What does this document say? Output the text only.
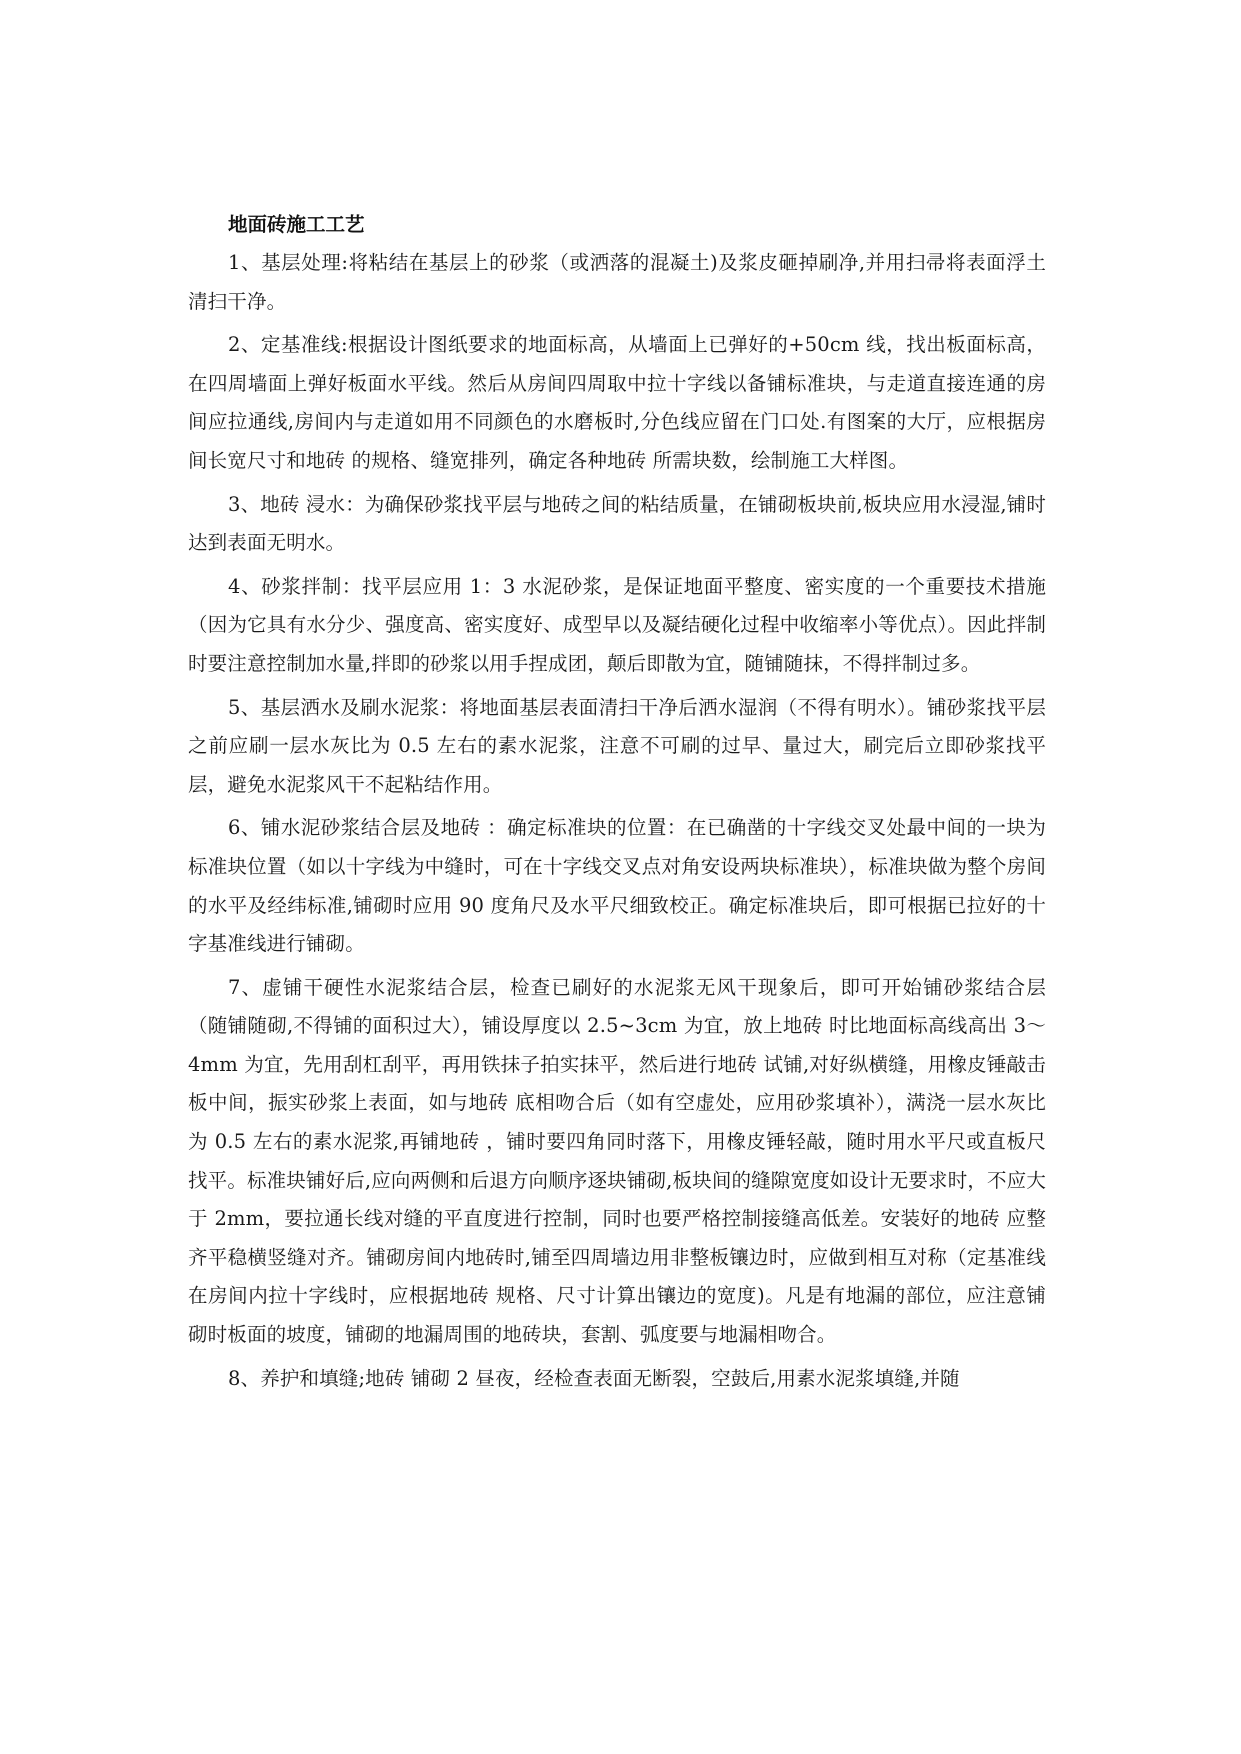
地面砖施工工艺

1、基层处理:将粘结在基层上的砂浆（或洒落的混凝土)及浆皮砸掉刷净,并用扫帚将表面浮土清扫干净。

2、定基准线:根据设计图纸要求的地面标高，从墙面上已弹好的+50cm 线，找出板面标高，在四周墙面上弹好板面水平线。然后从房间四周取中拉十字线以备铺标准块，与走道直接连通的房间应拉通线,房间内与走道如用不同颜色的水磨板时,分色线应留在门口处.有图案的大厅，应根据房间长宽尺寸和地砖 的规格、缝宽排列，确定各种地砖 所需块数，绘制施工大样图。

3、地砖 浸水：为确保砂浆找平层与地砖之间的粘结质量，在铺砌板块前,板块应用水浸湿,铺时达到表面无明水。

4、砂浆拌制：找平层应用 1：3 水泥砂浆，是保证地面平整度、密实度的一个重要技术措施（因为它具有水分少、强度高、密实度好、成型早以及凝结硬化过程中收缩率小等优点）。因此拌制时要注意控制加水量,拌即的砂浆以用手捏成团，颠后即散为宜，随铺随抹，不得拌制过多。

5、基层洒水及刷水泥浆：将地面基层表面清扫干净后洒水湿润（不得有明水）。铺砂浆找平层之前应刷一层水灰比为 0.5 左右的素水泥浆，注意不可刷的过早、量过大，刷完后立即砂浆找平层，避免水泥浆风干不起粘结作用。

6、铺水泥砂浆结合层及地砖 ：确定标准块的位置：在已确凿的十字线交叉处最中间的一块为标准块位置（如以十字线为中缝时，可在十字线交叉点对角安设两块标准块），标准块做为整个房间的水平及经纬标准,铺砌时应用 90 度角尺及水平尺细致校正。确定标准块后，即可根据已拉好的十字基准线进行铺砌。

7、虚铺干硬性水泥浆结合层，检查已刷好的水泥浆无风干现象后，即可开始铺砂浆结合层（随铺随砌,不得铺的面积过大），铺设厚度以 2.5~3cm 为宜，放上地砖 时比地面标高线高出 3～4mm 为宜，先用刮杠刮平，再用铁抹子拍实抹平，然后进行地砖 试铺,对好纵横缝，用橡皮锤敲击板中间，振实砂浆上表面，如与地砖 底相吻合后（如有空虚处，应用砂浆填补），满浇一层水灰比为 0.5 左右的素水泥浆,再铺地砖 ，铺时要四角同时落下，用橡皮锤轻敲，随时用水平尺或直板尺找平。标准块铺好后,应向两侧和后退方向顺序逐块铺砌,板块间的缝隙宽度如设计无要求时，不应大于 2mm，要拉通长线对缝的平直度进行控制，同时也要严格控制接缝高低差。安装好的地砖 应整齐平稳横竖缝对齐。铺砌房间内地砖时,铺至四周墙边用非整板镶边时，应做到相互对称（定基准线在房间内拉十字线时，应根据地砖 规格、尺寸计算出镶边的宽度)。凡是有地漏的部位，应注意铺砌时板面的坡度，铺砌的地漏周围的地砖块，套割、弧度要与地漏相吻合。

8、养护和填缝;地砖 铺砌 2 昼夜，经检查表面无断裂，空鼓后,用素水泥浆填缝,并随
